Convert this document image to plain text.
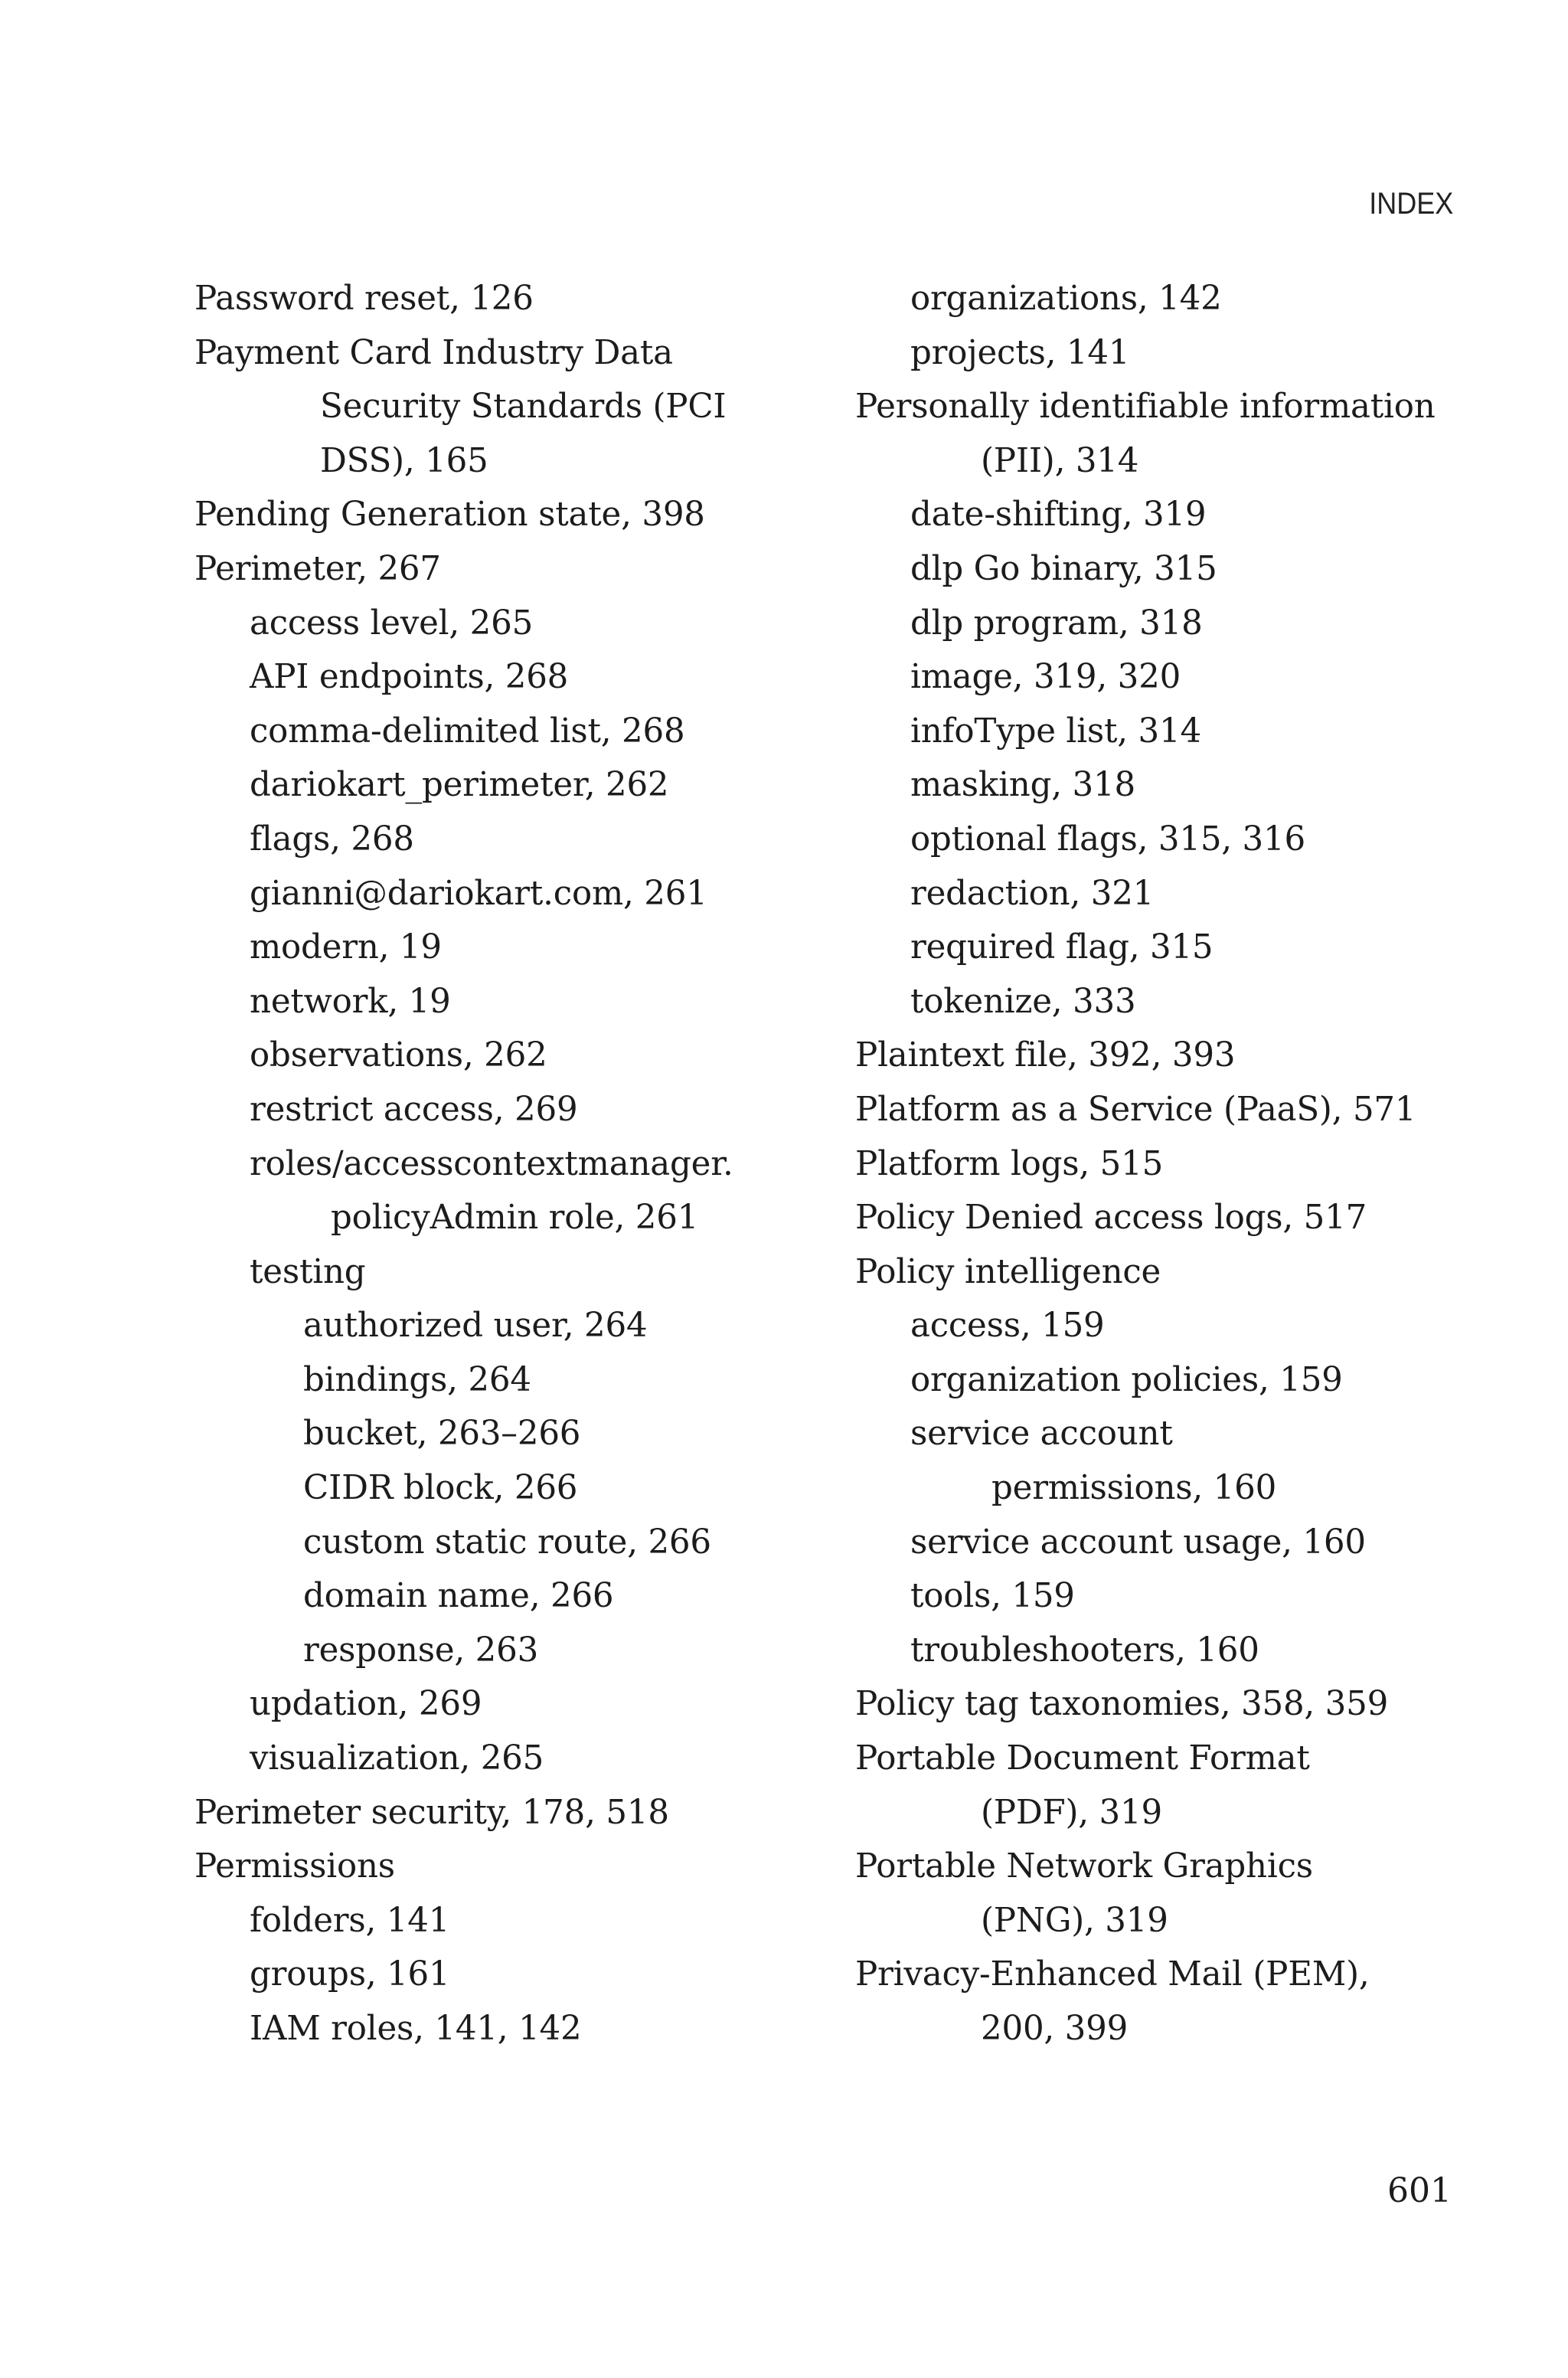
INDEX
Password reset, 126
Payment Card Industry Data
Security Standards (PCI
DSS), 165
Pending Generation state, 398
Perimeter, 267
access level, 265
API endpoints, 268
comma-delimited list, 268
dariokart_perimeter, 262
flags, 268
gianni@dariokart.com, 261
modern, 19
network, 19
observations, 262
restrict access, 269
roles/accesscontextmanager.
policyAdmin role, 261
testing
authorized user, 264
bindings, 264
bucket, 263–266
CIDR block, 266
custom static route, 266
domain name, 266
response, 263
updation, 269
visualization, 265
Perimeter security, 178, 518
Permissions
folders, 141
groups, 161
IAM roles, 141, 142
organizations, 142
projects, 141
Personally identifiable information
(PII), 314
date-shifting, 319
dlp Go binary, 315
dlp program, 318
image, 319, 320
infoType list, 314
masking, 318
optional flags, 315, 316
redaction, 321
required flag, 315
tokenize, 333
Plaintext file, 392, 393
Platform as a Service (PaaS), 571
Platform logs, 515
Policy Denied access logs, 517
Policy intelligence
access, 159
organization policies, 159
service account
permissions, 160
service account usage, 160
tools, 159
troubleshooters, 160
Policy tag taxonomies, 358, 359
Portable Document Format
(PDF), 319
Portable Network Graphics
(PNG), 319
Privacy-Enhanced Mail (PEM),
200, 399
601
